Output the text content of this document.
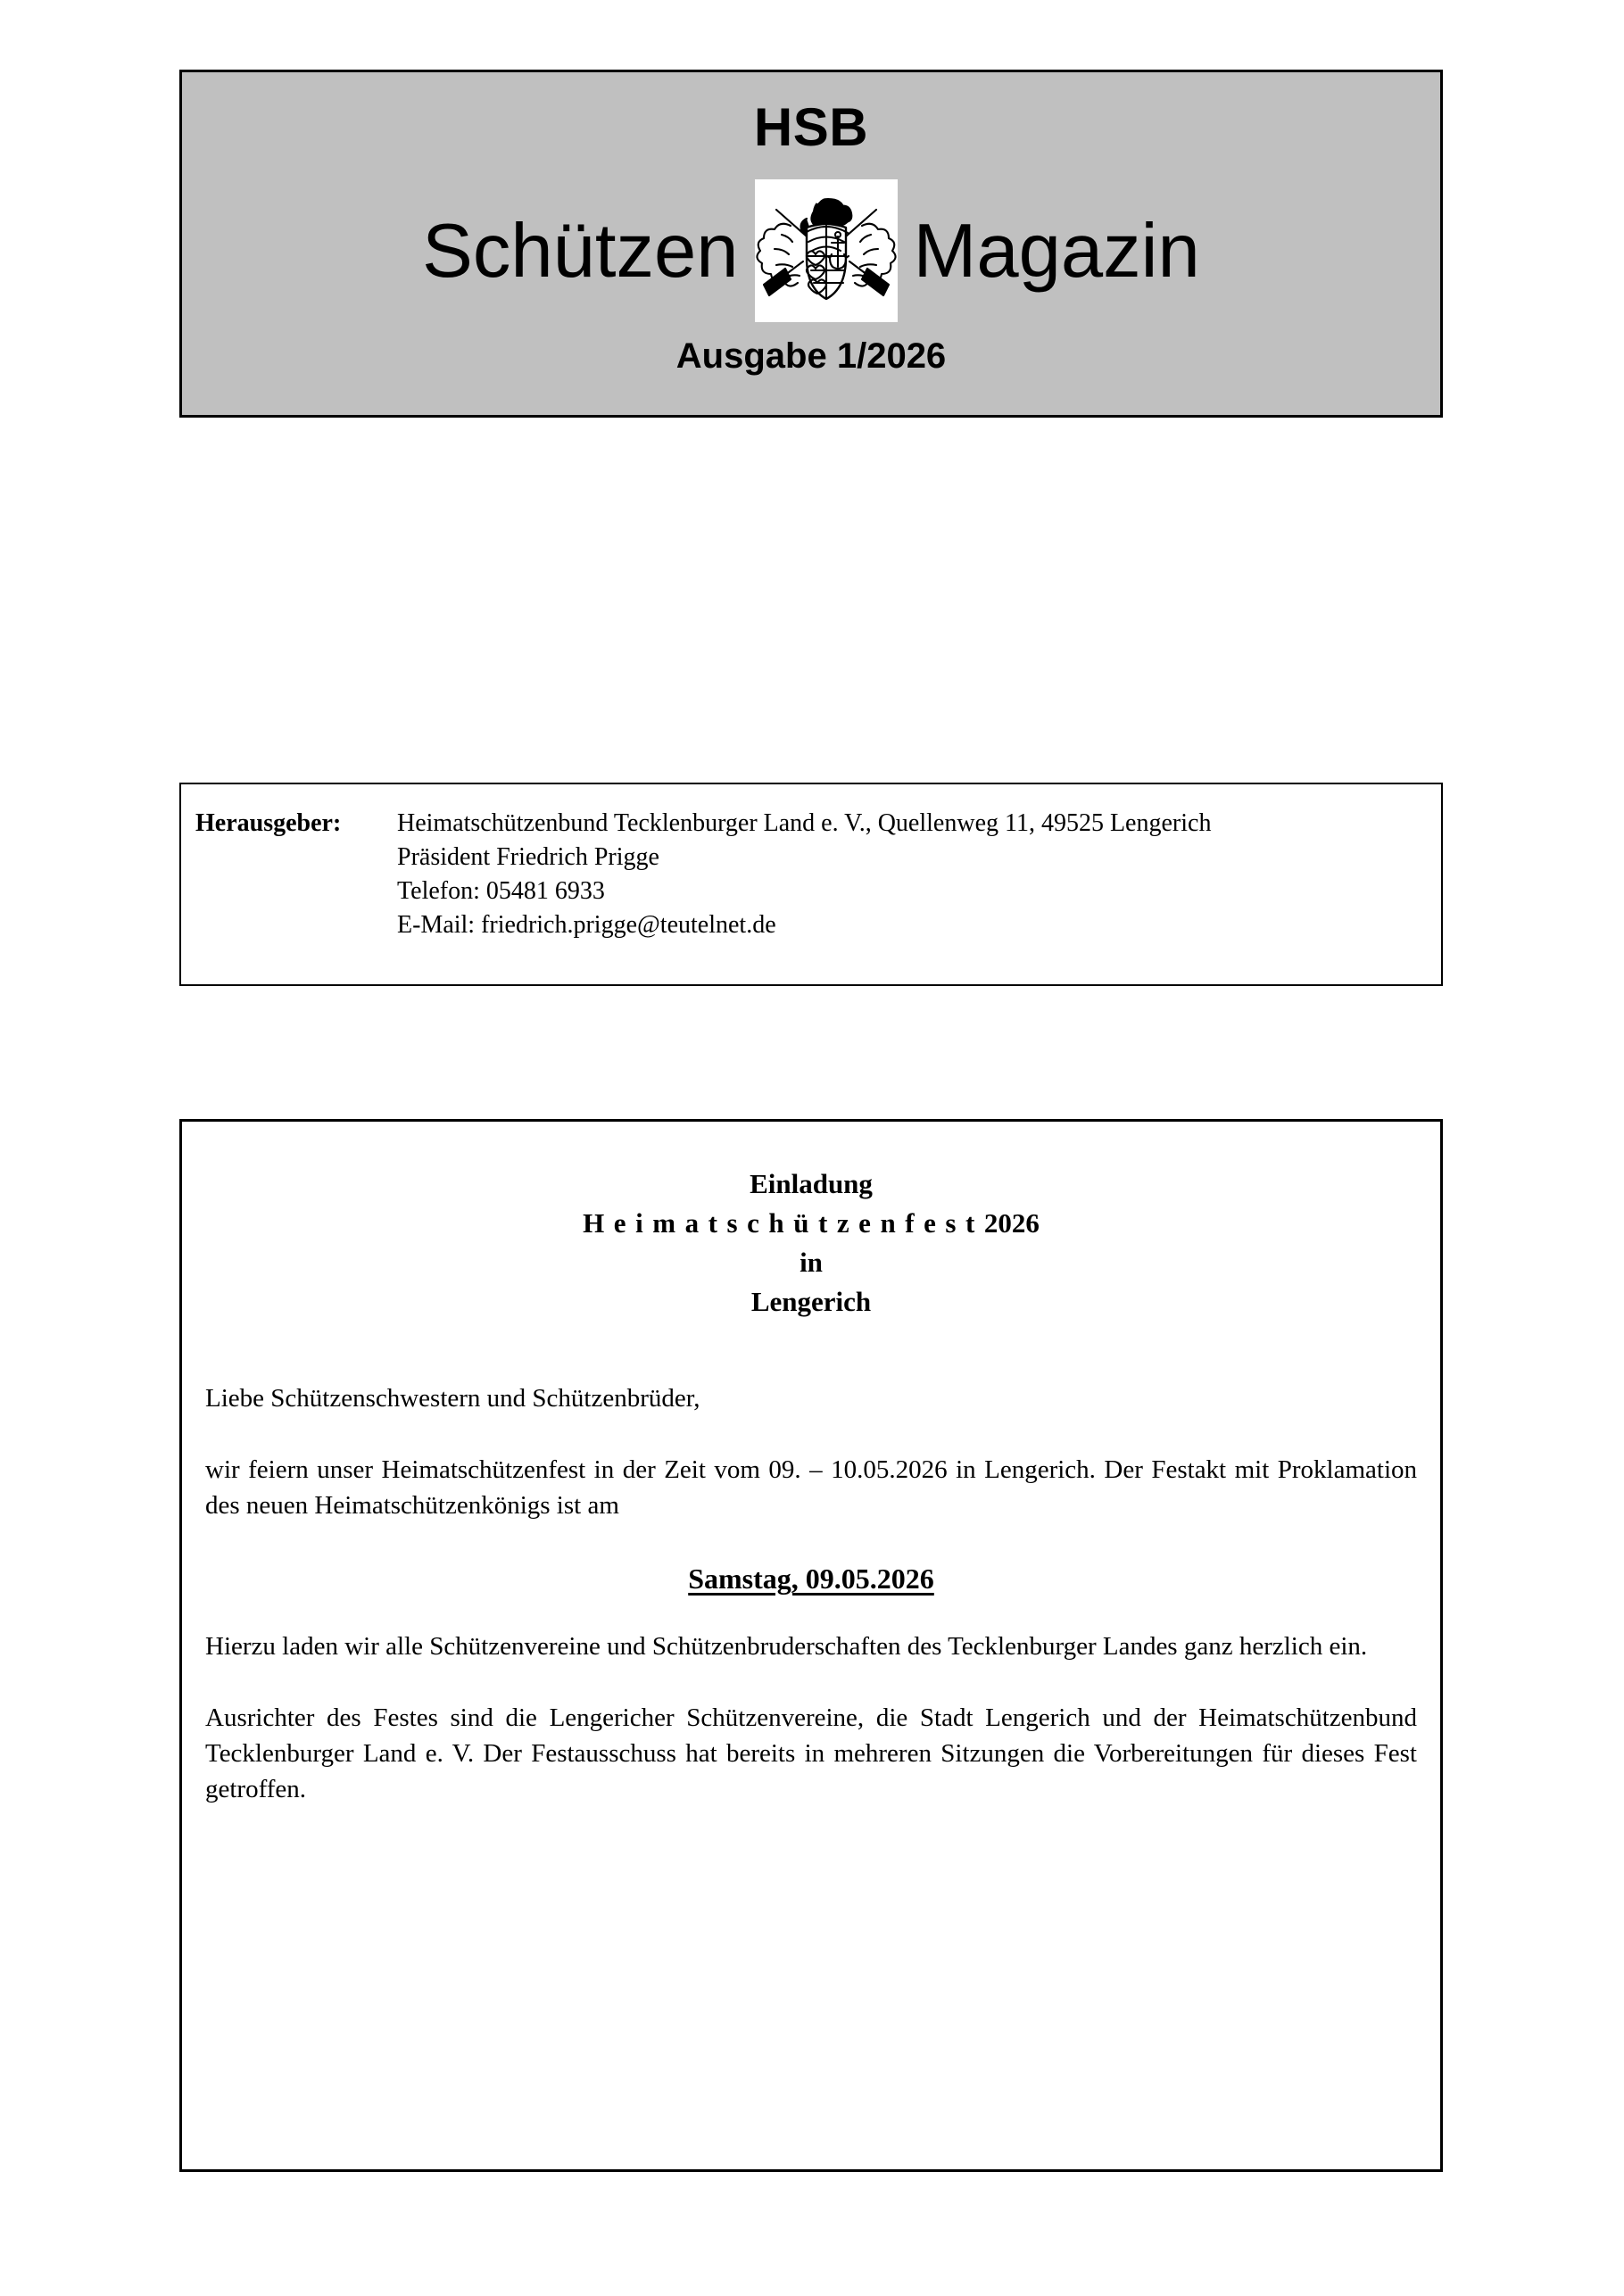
HSB
Schützen Magazin
Ausgabe 1/2026
Herausgeber:	Heimatschützenbund Tecklenburger Land e. V., Quellenweg 11, 49525 Lengerich
Präsident Friedrich Prigge
Telefon: 05481 6933
E-Mail: friedrich.prigge@teutelnet.de
Einladung
Heimatschützenfest2026
in
Lengerich

Liebe Schützenschwestern und Schützenbrüder,

wir feiern unser Heimatschützenfest in der Zeit vom 09. – 10.05.2026 in Lengerich. Der Festakt mit Proklamation des neuen Heimatschützenkönigs ist am

Samstag, 09.05.2026

Hierzu laden wir alle Schützenvereine und Schützenbruderschaften des Tecklenburger Landes ganz herzlich ein.

Ausrichter des Festes sind die Lengericher Schützenvereine, die Stadt Lengerich und der Heimatschützenbund Tecklenburger Land e. V. Der Festausschuss hat bereits in mehreren Sitzungen die Vorbereitungen für dieses Fest getroffen.
